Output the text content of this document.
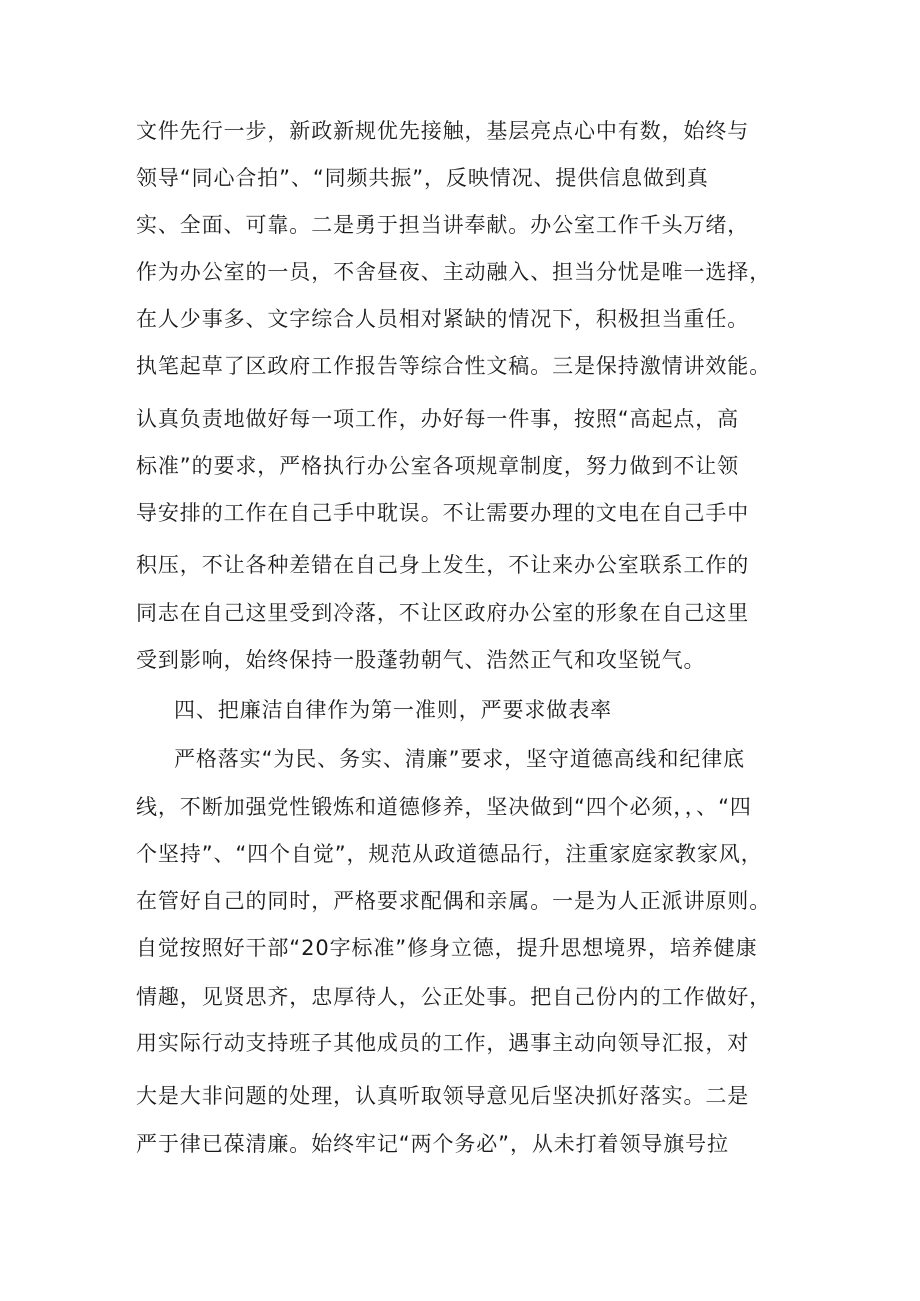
文件先行一步，新政新规优先接触，基层亮点心中有数，始终与
领导“同心合拍”、“同频共振”，反映情况、提供信息做到真
实、全面、可靠。二是勇于担当讲奉献。办公室工作千头万绪，
作为办公室的一员，不舍昼夜、主动融入、担当分忧是唯一选择，
在人少事多、文字综合人员相对紧缺的情况下，积极担当重任。
执笔起草了区政府工作报告等综合性文稿。三是保持激情讲效能。
认真负责地做好每一项工作，办好每一件事，按照“高起点，高
标准”的要求，严格执行办公室各项规章制度，努力做到不让领
导安排的工作在自己手中耽误。不让需要办理的文电在自己手中
积压，不让各种差错在自己身上发生，不让来办公室联系工作的
同志在自己这里受到冷落，不让区政府办公室的形象在自己这里
受到影响，始终保持一股蓬勃朝气、浩然正气和攻坚锐气。
四、把廉洁自律作为第一准则，严要求做表率
严格落实“为民、务实、清廉”要求，坚守道德高线和纪律底
线，不断加强党性锻炼和道德修养，坚决做到“四个必须，，、“四
个坚持”、“四个自觉”，规范从政道德品行，注重家庭家教家风，
在管好自己的同时，严格要求配偶和亲属。一是为人正派讲原则。
自觉按照好干部“20字标准”修身立德，提升思想境界，培养健康
情趣，见贤思齐，忠厚待人，公正处事。把自己份内的工作做好，
用实际行动支持班子其他成员的工作，遇事主动向领导汇报，对
大是大非问题的处理，认真听取领导意见后坚决抓好落实。二是
严于律已葆清廉。始终牢记“两个务必”，从未打着领导旗号拉
